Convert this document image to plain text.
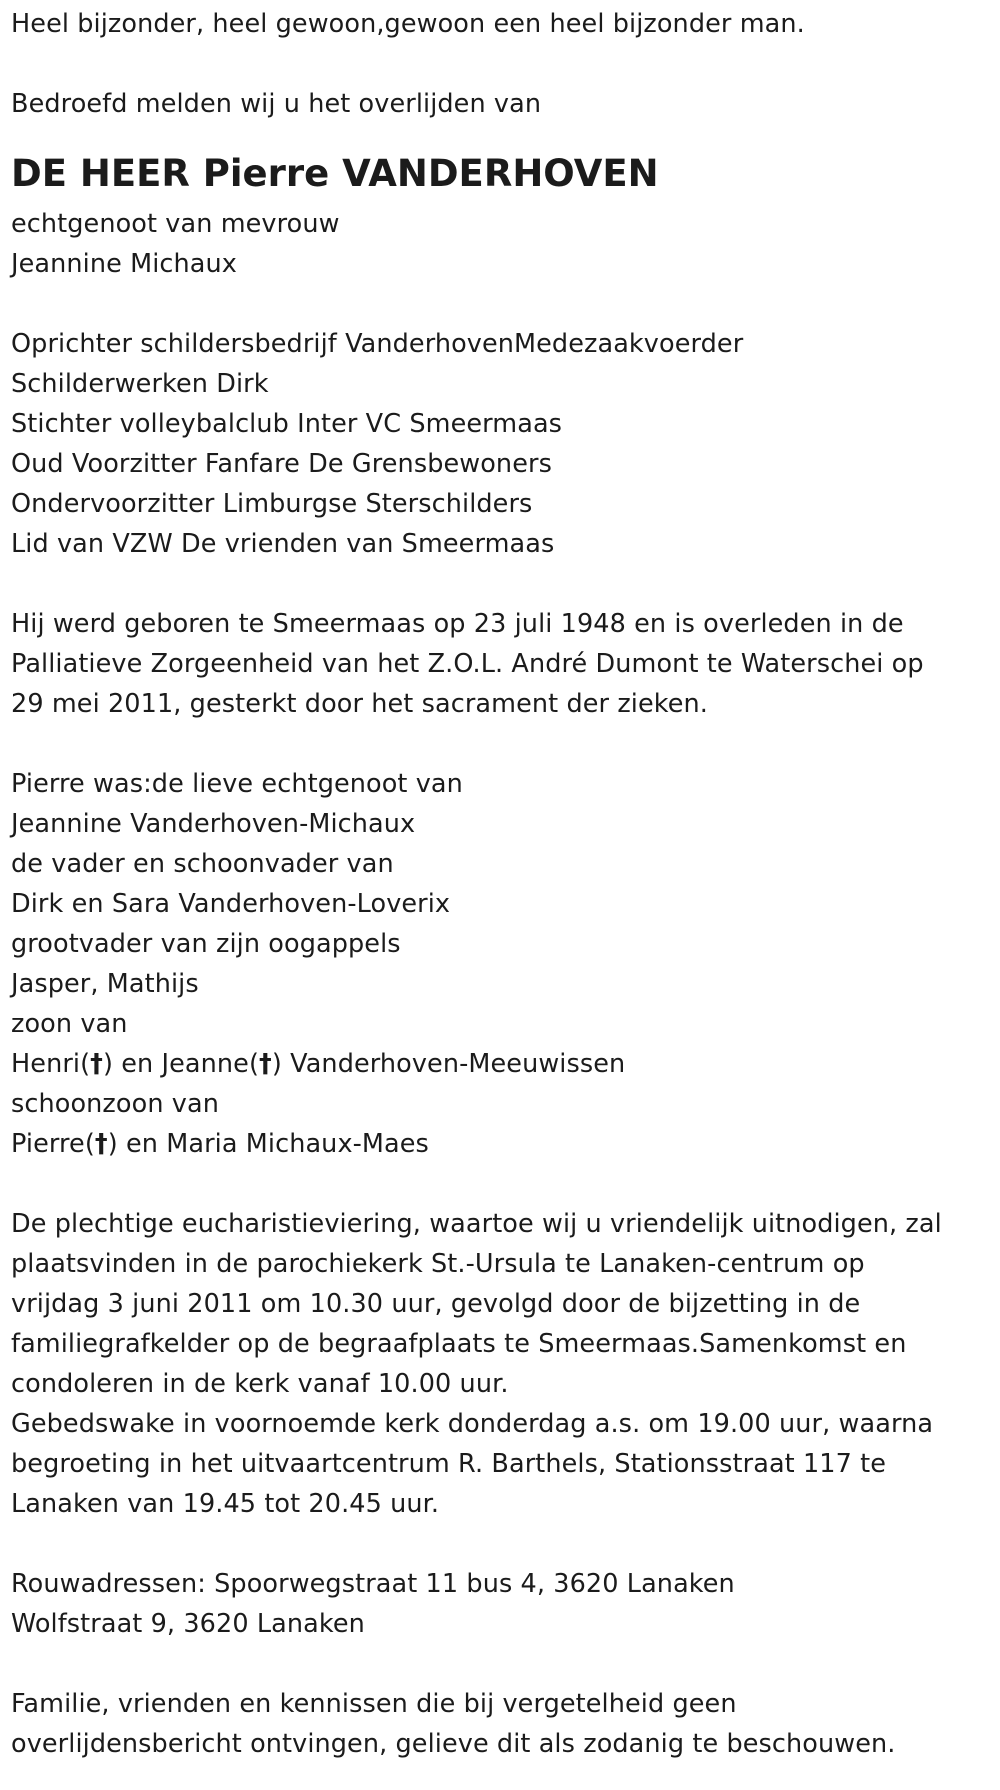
Heel bijzonder, heel gewoon,gewoon een heel bijzonder man.
Bedroefd melden wij u het overlijden van
DE HEER Pierre VANDERHOVEN
echtgenoot van mevrouw
Jeannine Michaux
Oprichter schildersbedrijf VanderhovenMedezaakvoerder
Schilderwerken Dirk
Stichter volleybalclub Inter VC Smeermaas
Oud Voorzitter Fanfare De Grensbewoners
Ondervoorzitter Limburgse Sterschilders
Lid van VZW De vrienden van Smeermaas
Hij werd geboren te Smeermaas op 23 juli 1948 en is overleden in de
Palliatieve Zorgeenheid van het Z.O.L. André Dumont te Waterschei op
29 mei 2011, gesterkt door het sacrament der zieken.
Pierre was:de lieve echtgenoot van
Jeannine Vanderhoven-Michaux
de vader en schoonvader van
Dirk en Sara Vanderhoven-Loverix
grootvader van zijn oogappels
Jasper, Mathijs
zoon van
Henri(†) en Jeanne(†) Vanderhoven-Meeuwissen
schoonzoon van
Pierre(†) en Maria Michaux-Maes
De plechtige eucharistieviering, waartoe wij u vriendelijk uitnodigen, zal
plaatsvinden in de parochiekerk St.-Ursula te Lanaken-centrum op
vrijdag 3 juni 2011 om 10.30 uur, gevolgd door de bijzetting in de
familiegrafkelder op de begraafplaats te Smeermaas.Samenkomst en
condoleren in de kerk vanaf 10.00 uur.
Gebedswake in voornoemde kerk donderdag a.s. om 19.00 uur, waarna
begroeting in het uitvaartcentrum R. Barthels, Stationsstraat 117 te
Lanaken van 19.45 tot 20.45 uur.
Rouwadressen: Spoorwegstraat 11 bus 4, 3620 Lanaken
Wolfstraat 9, 3620 Lanaken
Familie, vrienden en kennissen die bij vergetelheid geen
overlijdensbericht ontvingen, gelieve dit als zodanig te beschouwen.
